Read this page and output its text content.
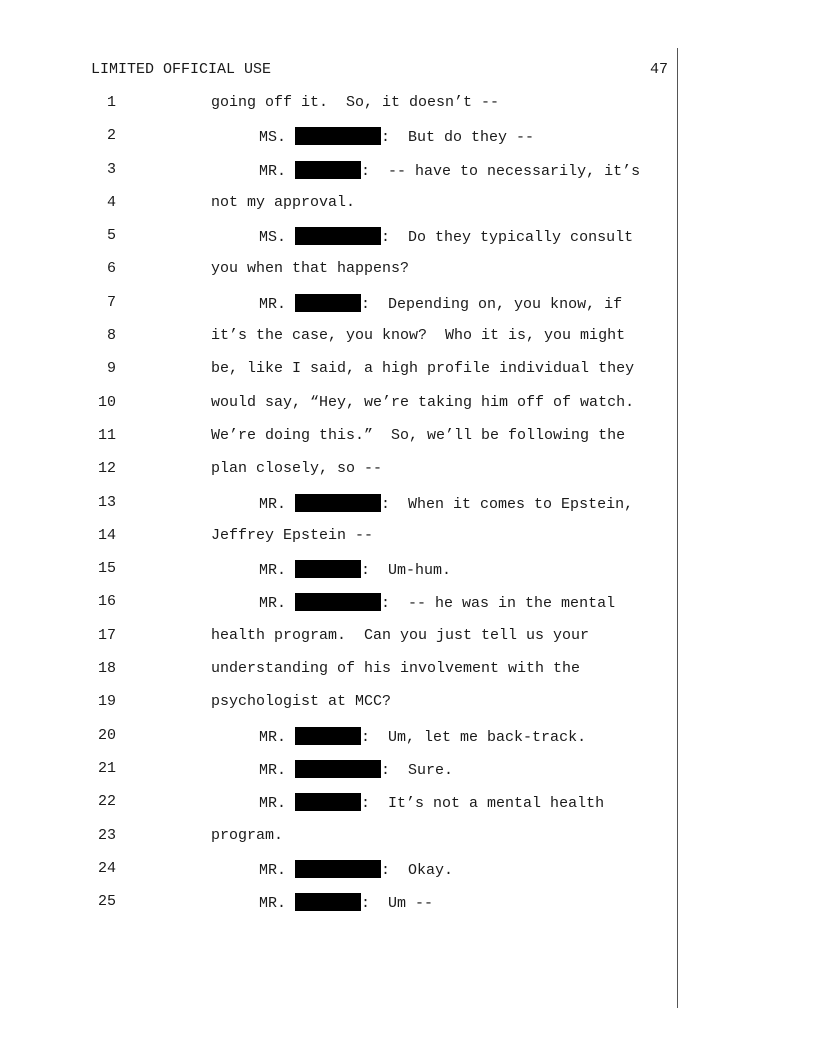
LIMITED OFFICIAL USE	47
1	going off it.  So, it doesn’t --
2	MS.	:  But do they --
3	MR.	:  -- have to necessarily, it’s
4	not my approval.
5	MS.	:  Do they typically consult
6	you when that happens?
7	MR.	:  Depending on, you know, if
8	it’s the case, you know?  Who it is, you might
9	be, like I said, a high profile individual they
10	would say, “Hey, we’re taking him off of watch.
11	We’re doing this.”  So, we’ll be following the
12	plan closely, so --
13	MR.	:  When it comes to Epstein,
14	Jeffrey Epstein --
15	MR.	:  Um-hum.
16	MR.	:  -- he was in the mental
17	health program.  Can you just tell us your
18	understanding of his involvement with the
19	psychologist at MCC?
20	MR.	:  Um, let me back-track.
21	MR.	:  Sure.
22	MR.	:  It’s not a mental health
23	program.
24	MR.	:  Okay.
25	MR.	:  Um --
